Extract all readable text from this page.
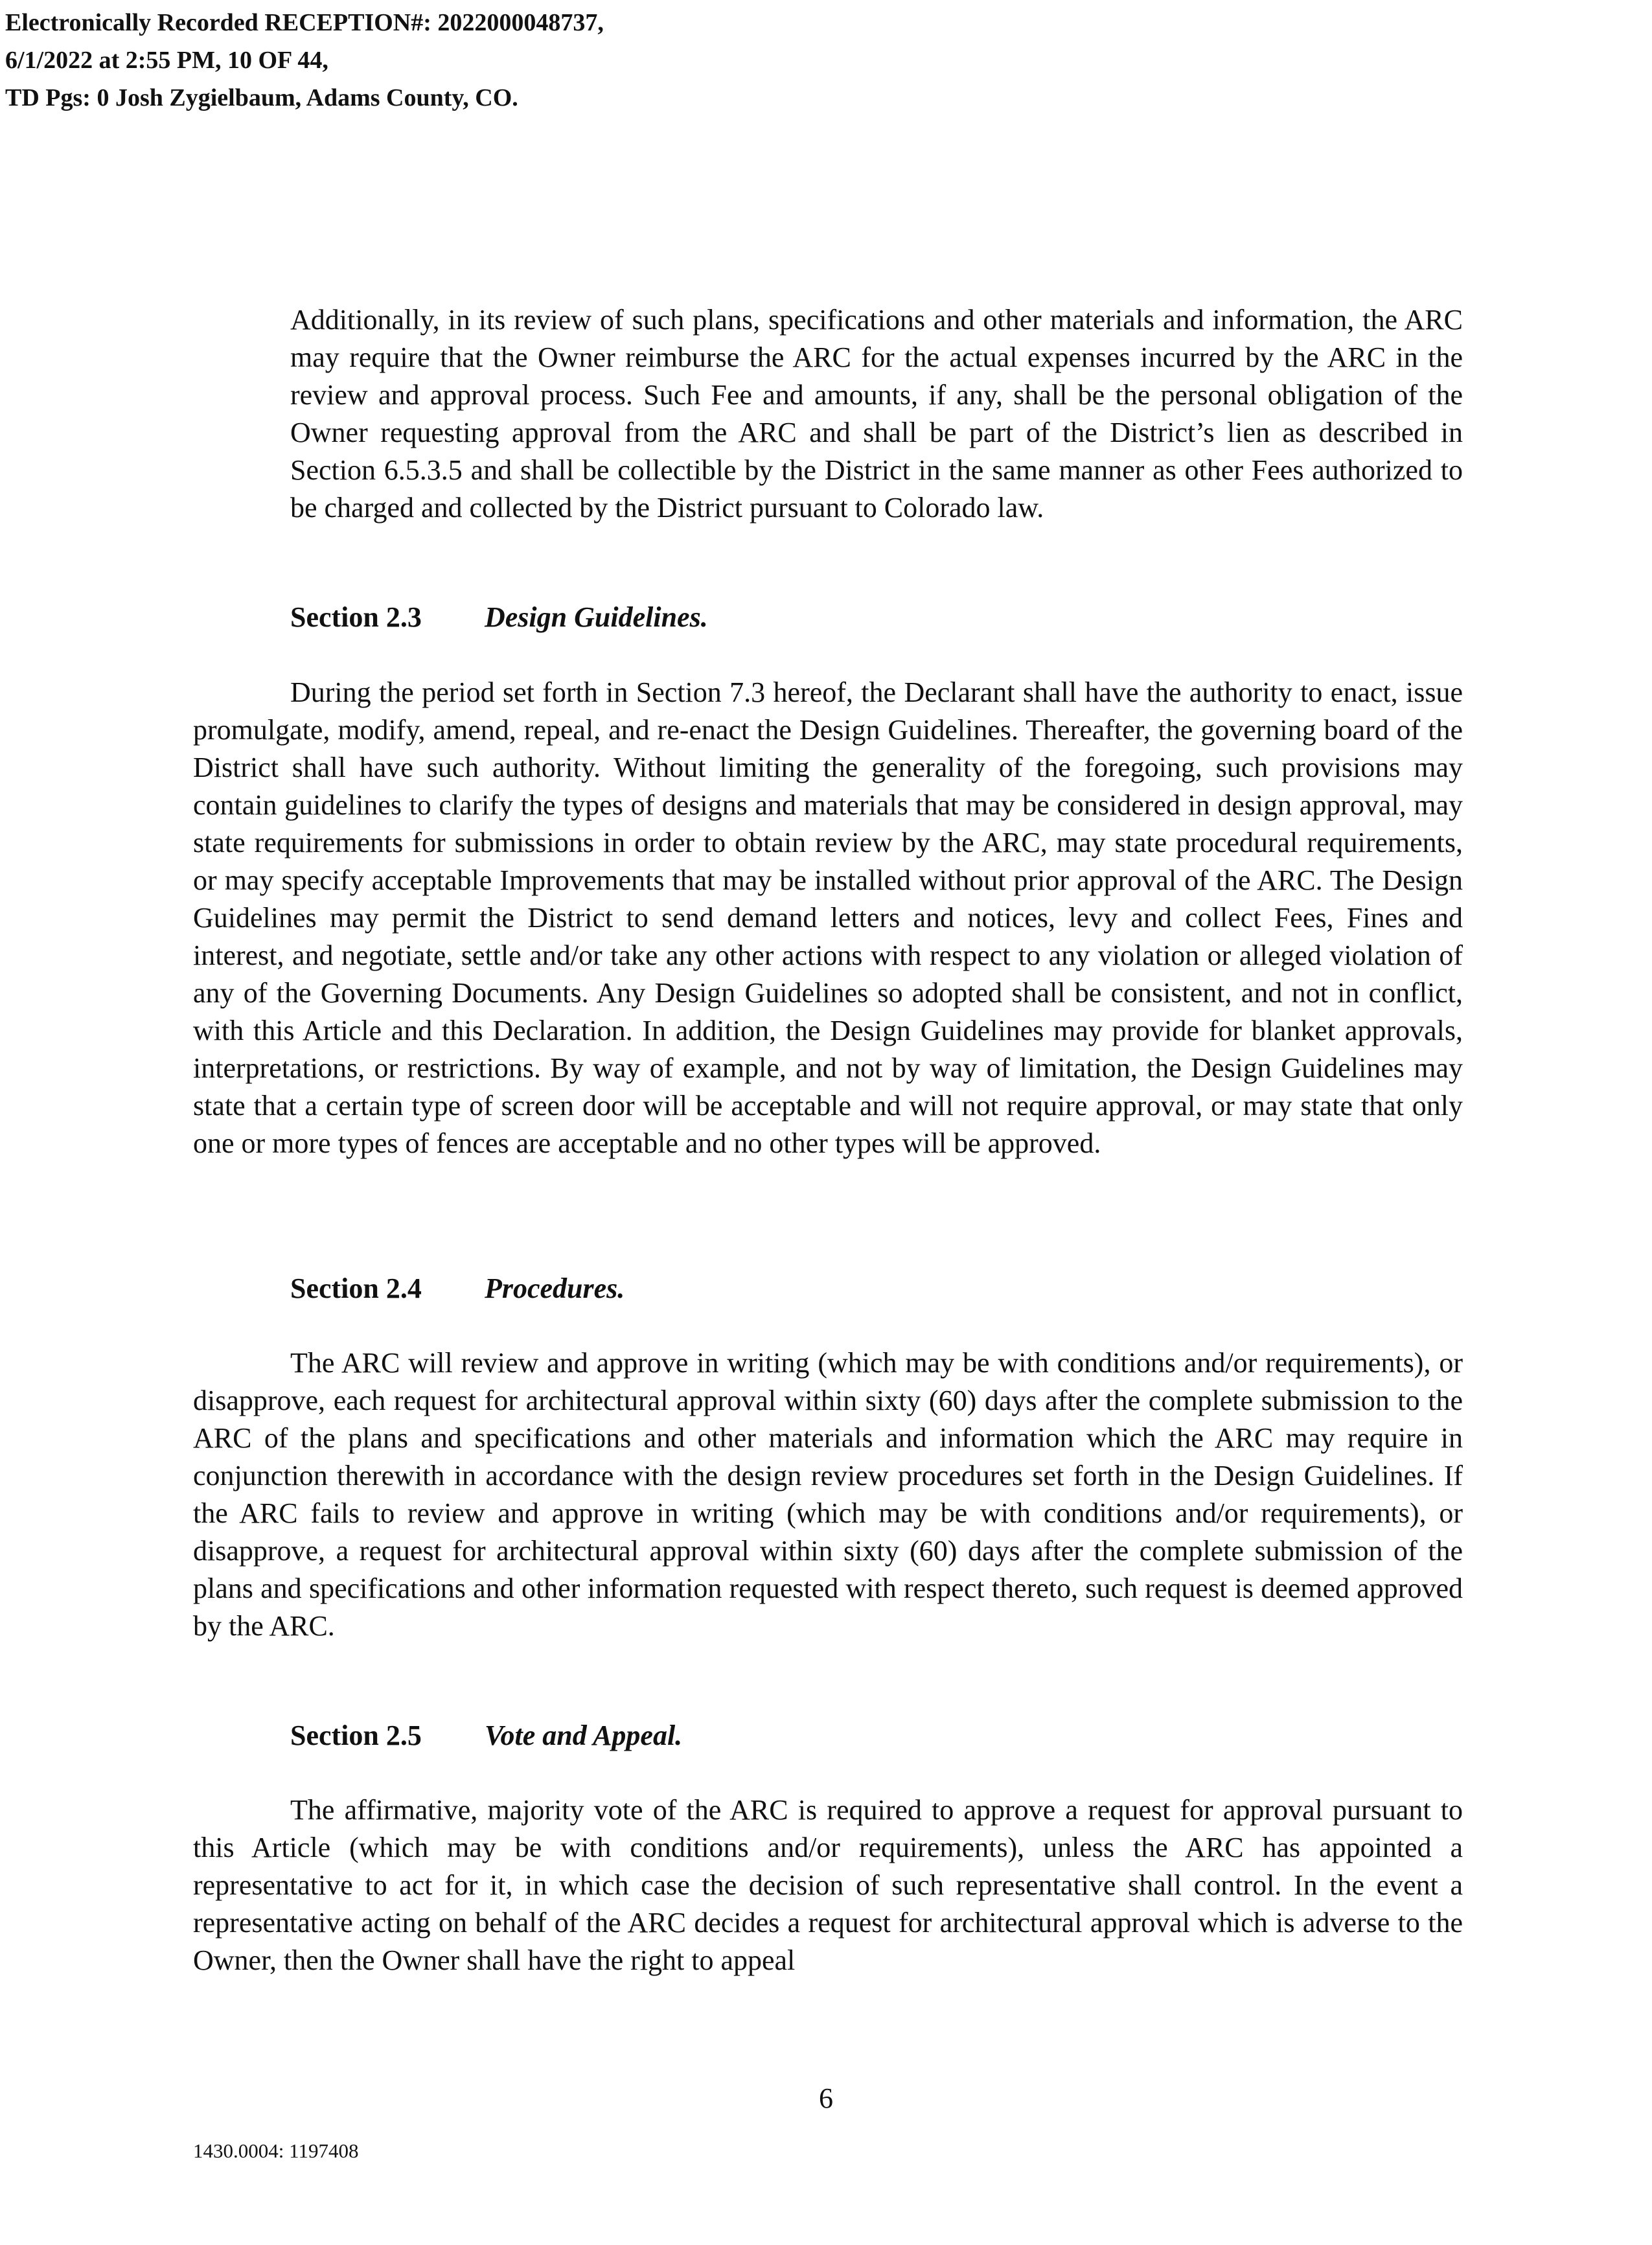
Electronically Recorded RECEPTION#: 2022000048737,
6/1/2022 at 2:55 PM, 10 OF 44,
TD Pgs: 0 Josh Zygielbaum, Adams County, CO.

Additionally, in its review of such plans, specifications and other materials and information, the ARC may require that the Owner reimburse the ARC for the actual expenses incurred by the ARC in the review and approval process. Such Fee and amounts, if any, shall be the personal obligation of the Owner requesting approval from the ARC and shall be part of the District’s lien as described in Section 6.5.3.5 and shall be collectible by the District in the same manner as other Fees authorized to be charged and collected by the District pursuant to Colorado law.

Section 2.3 Design Guidelines.

During the period set forth in Section 7.3 hereof, the Declarant shall have the authority to enact, issue promulgate, modify, amend, repeal, and re-enact the Design Guidelines. Thereafter, the governing board of the District shall have such authority. Without limiting the generality of the foregoing, such provisions may contain guidelines to clarify the types of designs and materials that may be considered in design approval, may state requirements for submissions in order to obtain review by the ARC, may state procedural requirements, or may specify acceptable Improvements that may be installed without prior approval of the ARC. The Design Guidelines may permit the District to send demand letters and notices, levy and collect Fees, Fines and interest, and negotiate, settle and/or take any other actions with respect to any violation or alleged violation of any of the Governing Documents. Any Design Guidelines so adopted shall be consistent, and not in conflict, with this Article and this Declaration. In addition, the Design Guidelines may provide for blanket approvals, interpretations, or restrictions. By way of example, and not by way of limitation, the Design Guidelines may state that a certain type of screen door will be acceptable and will not require approval, or may state that only one or more types of fences are acceptable and no other types will be approved.

Section 2.4 Procedures.

The ARC will review and approve in writing (which may be with conditions and/or requirements), or disapprove, each request for architectural approval within sixty (60) days after the complete submission to the ARC of the plans and specifications and other materials and information which the ARC may require in conjunction therewith in accordance with the design review procedures set forth in the Design Guidelines. If the ARC fails to review and approve in writing (which may be with conditions and/or requirements), or disapprove, a request for architectural approval within sixty (60) days after the complete submission of the plans and specifications and other information requested with respect thereto, such request is deemed approved by the ARC.

Section 2.5 Vote and Appeal.

The affirmative, majority vote of the ARC is required to approve a request for approval pursuant to this Article (which may be with conditions and/or requirements), unless the ARC has appointed a representative to act for it, in which case the decision of such representative shall control. In the event a representative acting on behalf of the ARC decides a request for architectural approval which is adverse to the Owner, then the Owner shall have the right to appeal

6
1430.0004: 1197408
